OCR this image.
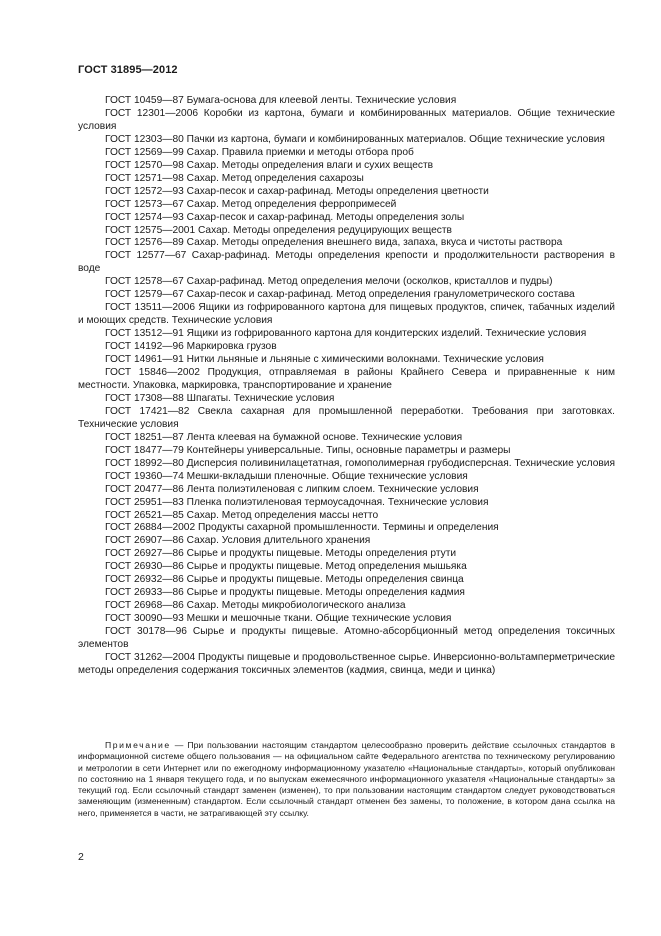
ГОСТ 31895—2012
ГОСТ 10459—87 Бумага-основа для клеевой ленты. Технические условия
ГОСТ 12301—2006 Коробки из картона, бумаги и комбинированных материалов. Общие технические условия
ГОСТ 12303—80 Пачки из картона, бумаги и комбинированных материалов. Общие технические условия
ГОСТ 12569—99 Сахар. Правила приемки и методы отбора проб
ГОСТ 12570—98 Сахар. Методы определения влаги и сухих веществ
ГОСТ 12571—98 Сахар. Метод определения сахарозы
ГОСТ 12572—93 Сахар-песок и сахар-рафинад. Методы определения цветности
ГОСТ 12573—67 Сахар. Метод определения ферропримесей
ГОСТ 12574—93 Сахар-песок и сахар-рафинад. Методы определения золы
ГОСТ 12575—2001 Сахар. Методы определения редуцирующих веществ
ГОСТ 12576—89 Сахар. Методы определения внешнего вида, запаха, вкуса и чистоты раствора
ГОСТ 12577—67 Сахар-рафинад. Методы определения крепости и продолжительности растворения в воде
ГОСТ 12578—67 Сахар-рафинад. Метод определения мелочи (осколков, кристаллов и пудры)
ГОСТ 12579—67 Сахар-песок и сахар-рафинад. Метод определения гранулометрического состава
ГОСТ 13511—2006 Ящики из гофрированного картона для пищевых продуктов, спичек, табачных изделий и моющих средств. Технические условия
ГОСТ 13512—91 Ящики из гофрированного картона для кондитерских изделий. Технические условия
ГОСТ 14192—96 Маркировка грузов
ГОСТ 14961—91 Нитки льняные и льняные с химическими волокнами. Технические условия
ГОСТ 15846—2002 Продукция, отправляемая в районы Крайнего Севера и приравненные к ним местности. Упаковка, маркировка, транспортирование и хранение
ГОСТ 17308—88 Шпагаты. Технические условия
ГОСТ 17421—82 Свекла сахарная для промышленной переработки. Требования при заготовках. Технические условия
ГОСТ 18251—87 Лента клеевая на бумажной основе. Технические условия
ГОСТ 18477—79 Контейнеры универсальные. Типы, основные параметры и размеры
ГОСТ 18992—80 Дисперсия поливинилацетатная, гомополимерная грубодисперсная. Технические условия
ГОСТ 19360—74 Мешки-вкладыши пленочные. Общие технические условия
ГОСТ 20477—86 Лента полиэтиленовая с липким слоем. Технические условия
ГОСТ 25951—83 Пленка полиэтиленовая термоусадочная. Технические условия
ГОСТ 26521—85 Сахар. Метод определения массы нетто
ГОСТ 26884—2002 Продукты сахарной промышленности. Термины и определения
ГОСТ 26907—86 Сахар. Условия длительного хранения
ГОСТ 26927—86 Сырье и продукты пищевые. Методы определения ртути
ГОСТ 26930—86 Сырье и продукты пищевые. Метод определения мышьяка
ГОСТ 26932—86 Сырье и продукты пищевые. Методы определения свинца
ГОСТ 26933—86 Сырье и продукты пищевые. Методы определения кадмия
ГОСТ 26968—86 Сахар. Методы микробиологического анализа
ГОСТ 30090—93 Мешки и мешочные ткани. Общие технические условия
ГОСТ 30178—96 Сырье и продукты пищевые. Атомно-абсорбционный метод определения токсичных элементов
ГОСТ 31262—2004 Продукты пищевые и продовольственное сырье. Инверсионно-вольтамперметрические методы определения содержания токсичных элементов (кадмия, свинца, меди и цинка)
Примечание — При пользовании настоящим стандартом целесообразно проверить действие ссылочных стандартов в информационной системе общего пользования — на официальном сайте Федерального агентства по техническому регулированию и метрологии в сети Интернет или по ежегодному информационному указателю «Национальные стандарты», который опубликован по состоянию на 1 января текущего года, и по выпускам ежемесячного информационного указателя «Национальные стандарты» за текущий год. Если ссылочный стандарт заменен (изменен), то при пользовании настоящим стандартом следует руководствоваться заменяющим (измененным) стандартом. Если ссылочный стандарт отменен без замены, то положение, в котором дана ссылка на него, применяется в части, не затрагивающей эту ссылку.
2
